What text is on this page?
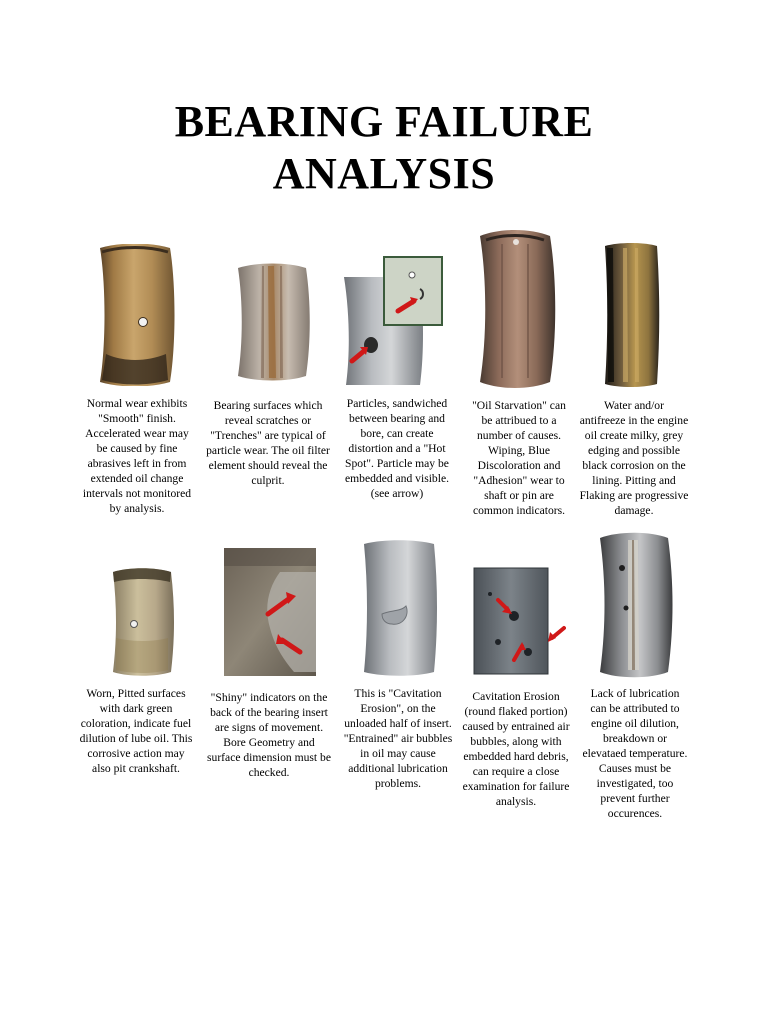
BEARING FAILURE
ANALYSIS
Normal wear exhibits
"Smooth" finish.
Accelerated wear may
be caused by fine
abrasives left in from
extended oil change
intervals not monitored
by analysis.
Bearing surfaces which
reveal scratches or
"Trenches" are typical of
particle wear. The oil filter
element should reveal the
culprit.
Particles, sandwiched
between bearing and
bore, can create
distortion and a "Hot
Spot". Particle may be
embedded and visible.
(see arrow)
"Oil Starvation" can
be attribued to a
number of causes.
Wiping, Blue
Discoloration and
"Adhesion" wear to
shaft or pin are
common indicators.
Water and/or
antifreeze in the engine
oil create milky, grey
edging and possible
black corrosion on the
lining. Pitting and
Flaking are progressive
damage.
Worn, Pitted surfaces
with dark green
coloration, indicate fuel
dilution of lube oil. This
corrosive action may
also pit crankshaft.
"Shiny" indicators on the
back of the bearing insert
are signs of movement.
Bore Geometry and
surface dimension must be
checked.
This is "Cavitation
Erosion", on the
unloaded half of insert.
"Entrained" air bubbles
in oil may cause
additional lubrication
problems.
Cavitation Erosion
(round flaked portion)
caused by entrained air
bubbles, along with
embedded hard debris,
can require a close
examination for failure
analysis.
Lack of lubrication
can be attributed to
engine oil dilution,
breakdown or
elevataed temperature.
Causes must be
investigated, too
prevent further
occurences.
